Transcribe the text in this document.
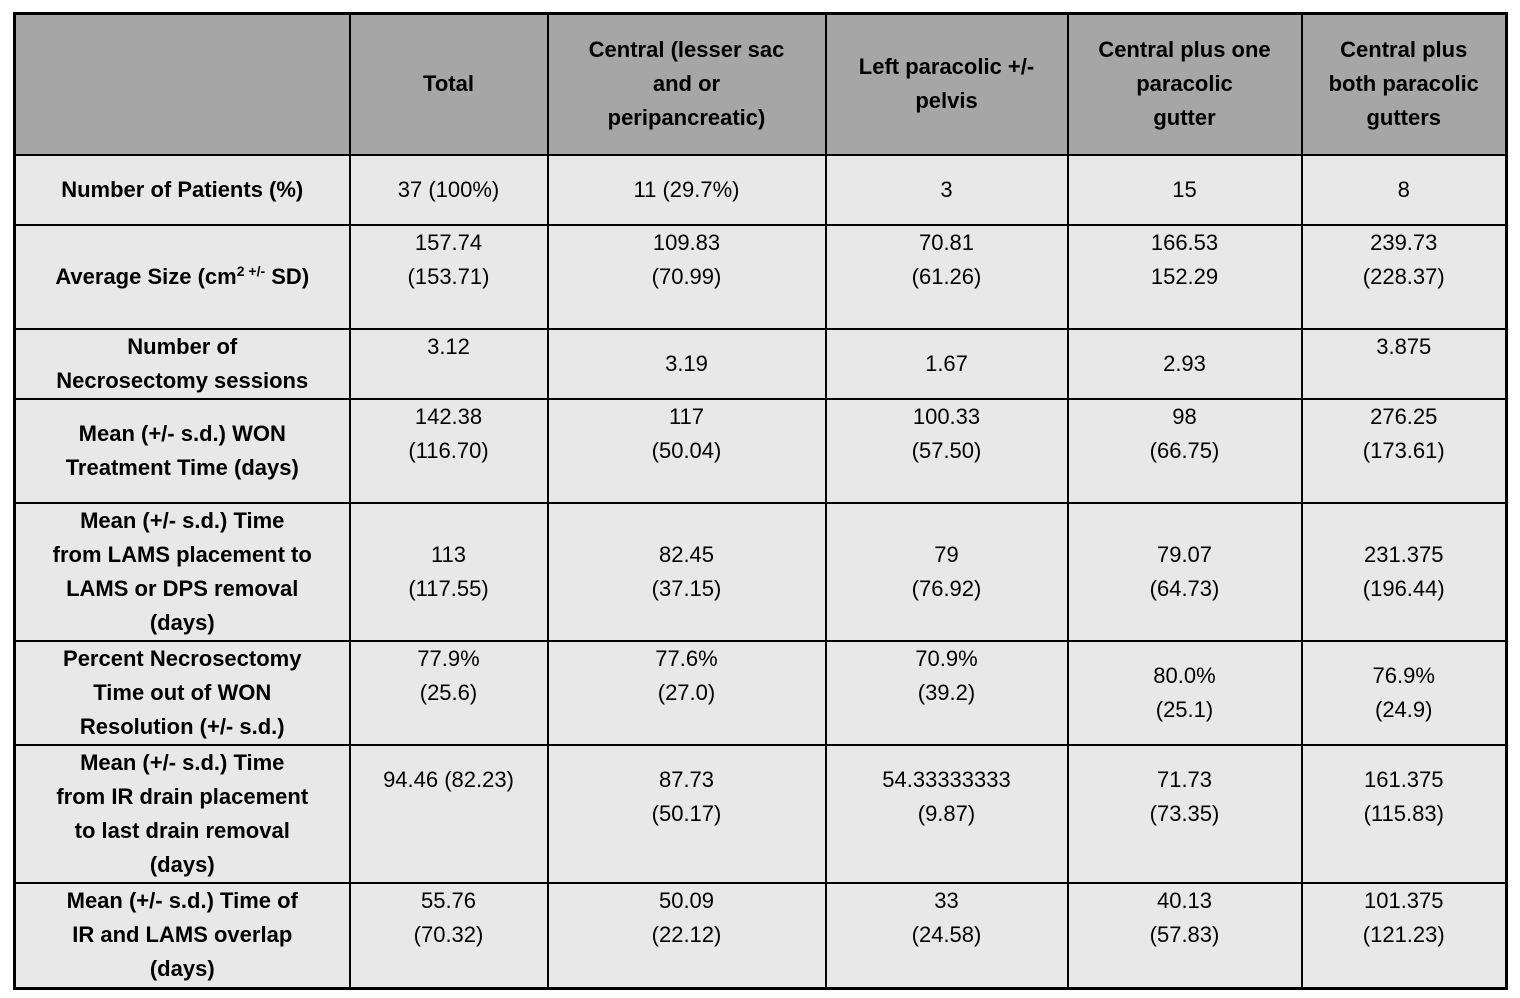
	Total	Central (lesser sac
and or
peripancreatic)	Left paracolic +/-
pelvis	Central plus one
paracolic
gutter	Central plus
both paracolic
gutters
Number of Patients (%)	37 (100%)	11 (29.7%)	3	15	8
Average Size ($cm^{2 +/-}$ SD)	157.74
(153.71)	109.83
(70.99)	70.81
(61.26)	166.53
152.29	239.73
(228.37)
Number of
Necrosectomy sessions	3.12	3.19	1.67	2.93	3.875
Mean (+/- s.d.) WON
Treatment Time (days)	142.38
(116.70)	117
(50.04)	100.33
(57.50)	98
(66.75)	276.25
(173.61)
Mean (+/- s.d.) Time
from LAMS placement to
LAMS or DPS removal
(days)	113
(117.55)	82.45
(37.15)	79
(76.92)	79.07
(64.73)	231.375
(196.44)
Percent Necrosectomy
Time out of WON
Resolution (+/- s.d.)	77.9%
(25.6)	77.6%
(27.0)	70.9%
(39.2)	80.0%
(25.1)	76.9%
(24.9)
Mean (+/- s.d.) Time
from IR drain placement
to last drain removal
(days)	94.46 (82.23)	87.73
(50.17)	54.33333333
(9.87)	71.73
(73.35)	161.375
(115.83)
Mean (+/- s.d.) Time of
IR and LAMS overlap
(days)	55.76
(70.32)	50.09
(22.12)	33
(24.58)	40.13
(57.83)	101.375
(121.23)
